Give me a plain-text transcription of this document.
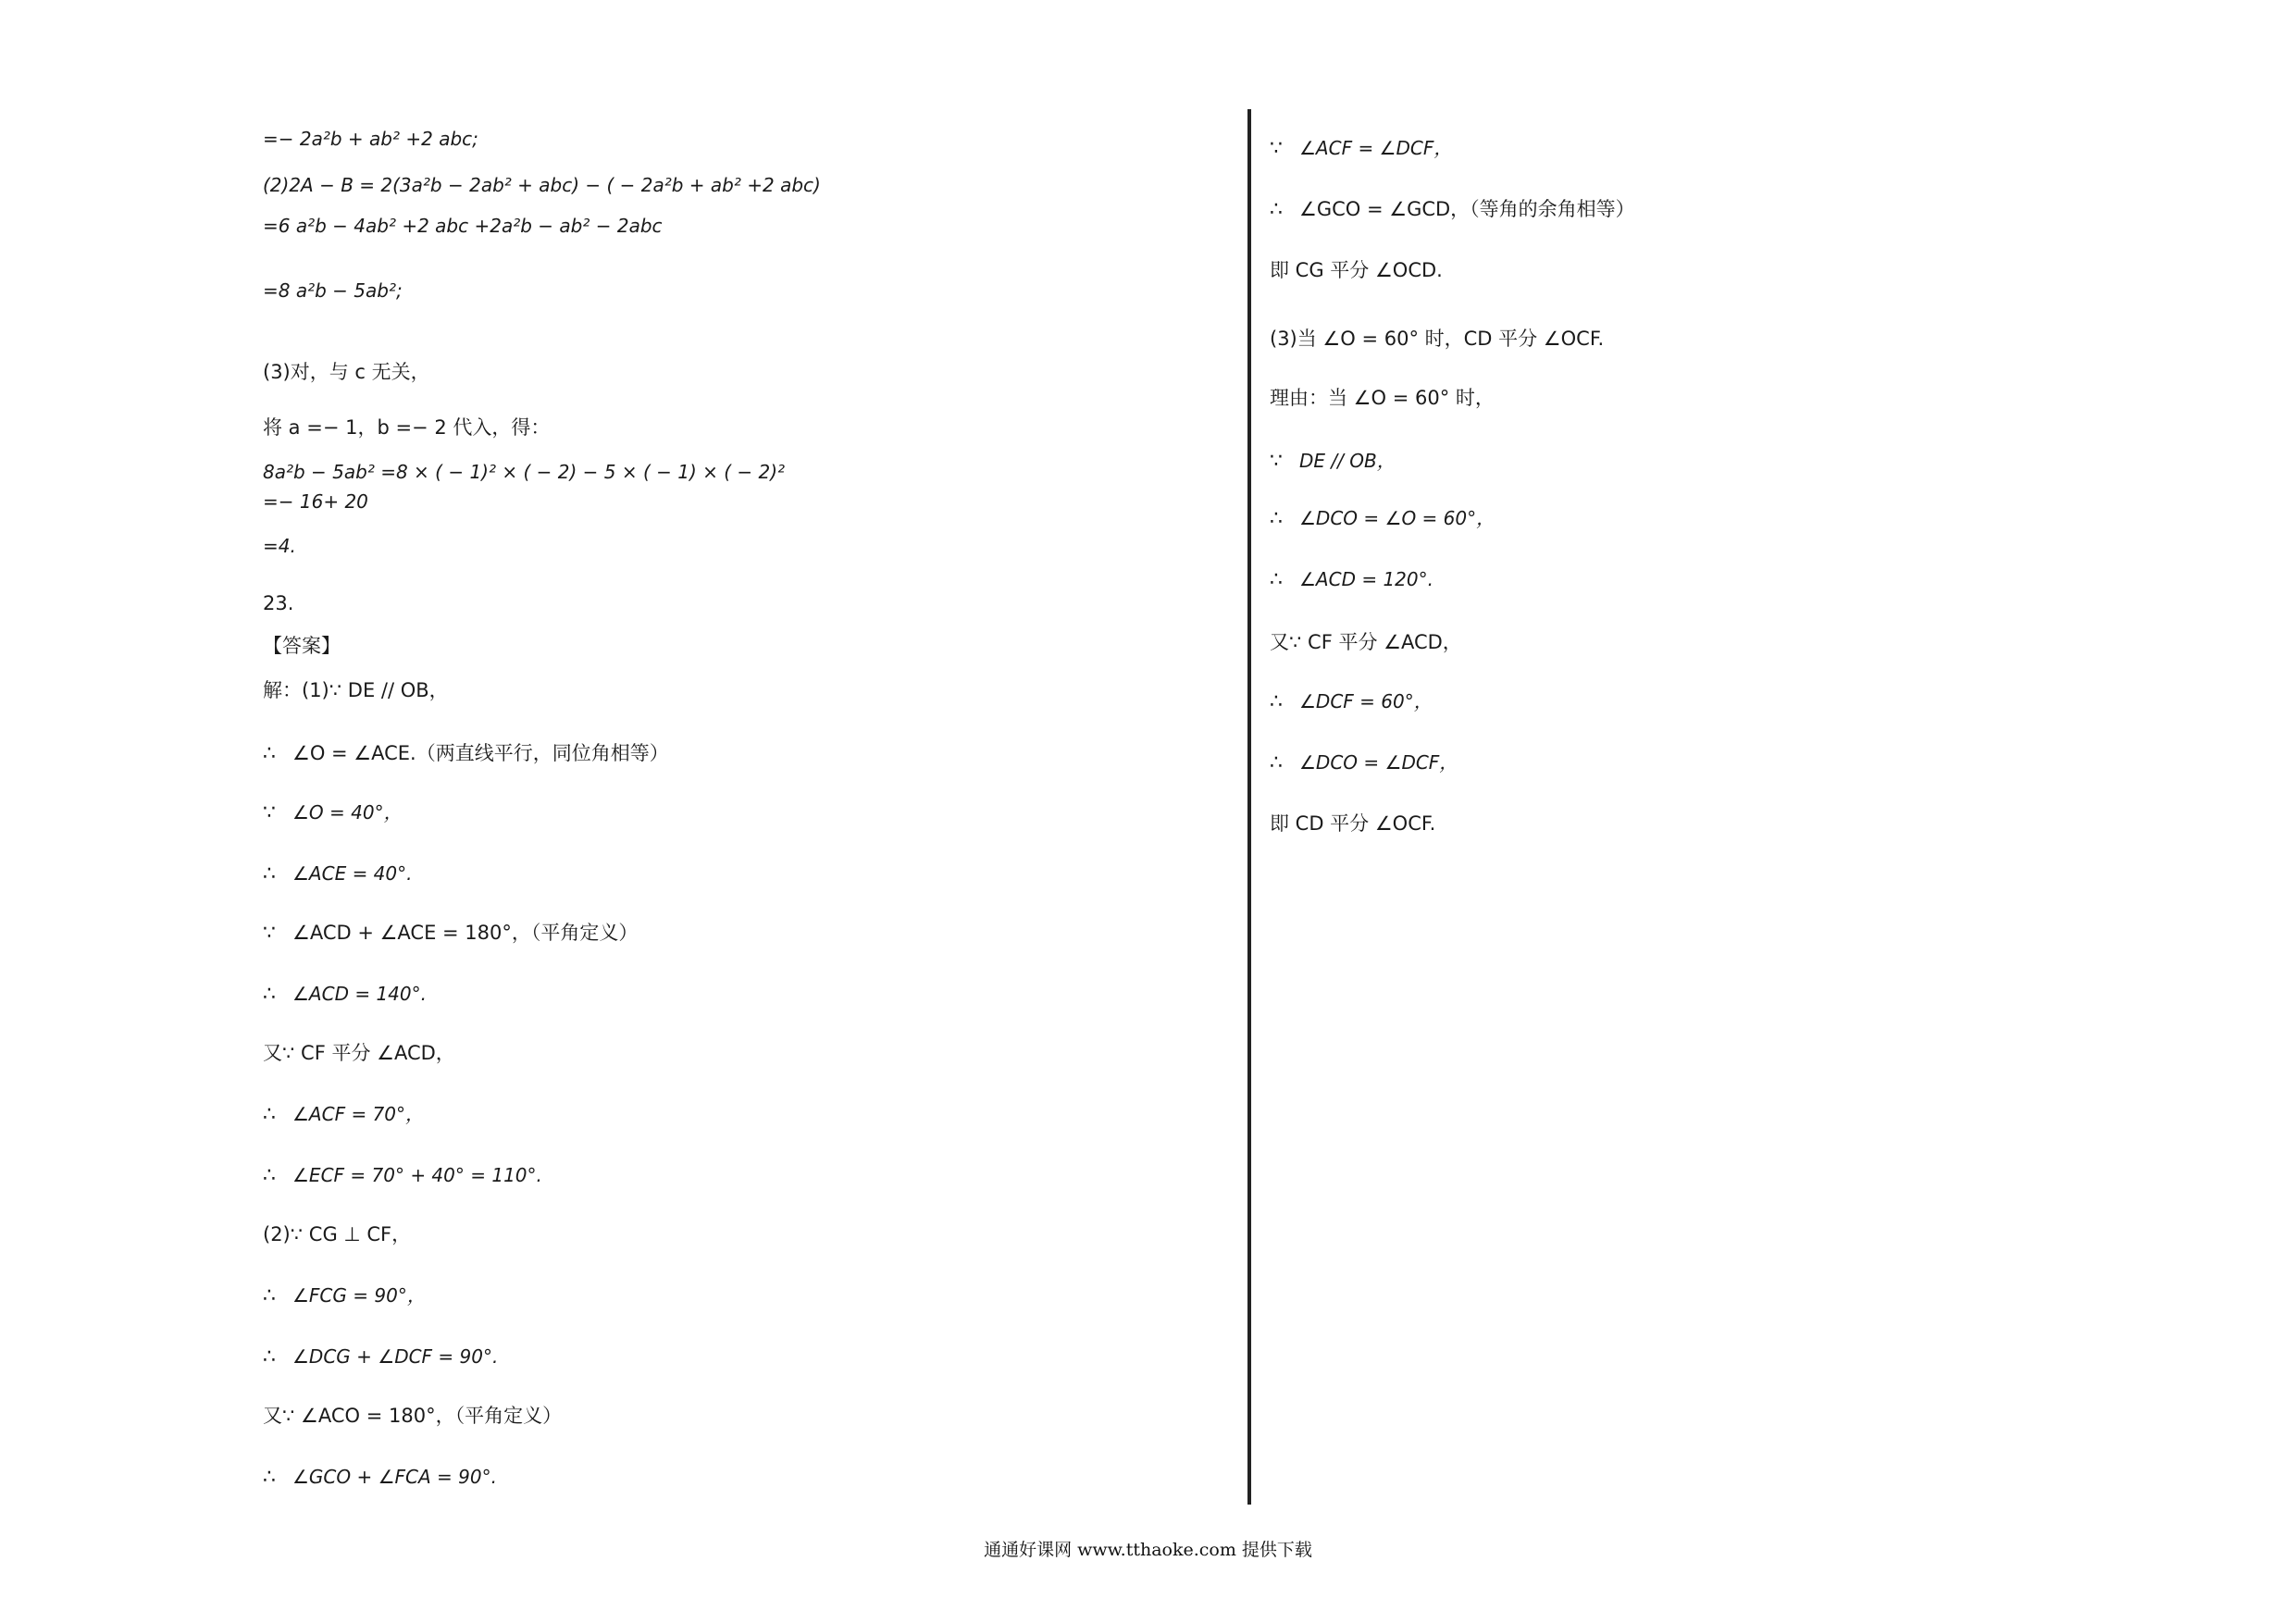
=− 2a²b + ab² +2 abc;
(2)2A − B = 2(3a²b − 2ab² + abc) − ( − 2a²b + ab² +2 abc)
=6 a²b − 4ab² +2 abc +2a²b − ab² − 2abc
=8 a²b − 5ab²;
(3)对，与 c 无关，
将 a =− 1，b =− 2 代入，得：
8a²b − 5ab² =8 × ( − 1)² × ( − 2) − 5 × ( − 1) × ( − 2)²
=− 16+ 20
=4.
23.
【答案】
解：(1)∵ DE // OB，
∴ ∠O = ∠ACE.（两直线平行，同位角相等）
∵ ∠O = 40°，
∴ ∠ACE = 40°.
∵ ∠ACD + ∠ACE = 180°，（平角定义）
∴ ∠ACD = 140°.
又∵ CF 平分 ∠ACD，
∴ ∠ACF = 70°，
∴ ∠ECF = 70° + 40° = 110°.
(2)∵ CG ⊥ CF，
∴ ∠FCG = 90°，
∴ ∠DCG + ∠DCF = 90°.
又∵ ∠ACO = 180°，（平角定义）
∴ ∠GCO + ∠FCA = 90°.
∵ ∠ACF = ∠DCF，
∴ ∠GCO = ∠GCD，（等角的余角相等）
即 CG 平分 ∠OCD.
(3)当 ∠O = 60° 时，CD 平分 ∠OCF.
理由：当 ∠O = 60° 时，
∵ DE // OB，
∴ ∠DCO = ∠O = 60°，
∴ ∠ACD = 120°.
又∵ CF 平分 ∠ACD，
∴ ∠DCF = 60°，
∴ ∠DCO = ∠DCF，
即 CD 平分 ∠OCF.
通通好课网 www.tthaoke.com 提供下载
